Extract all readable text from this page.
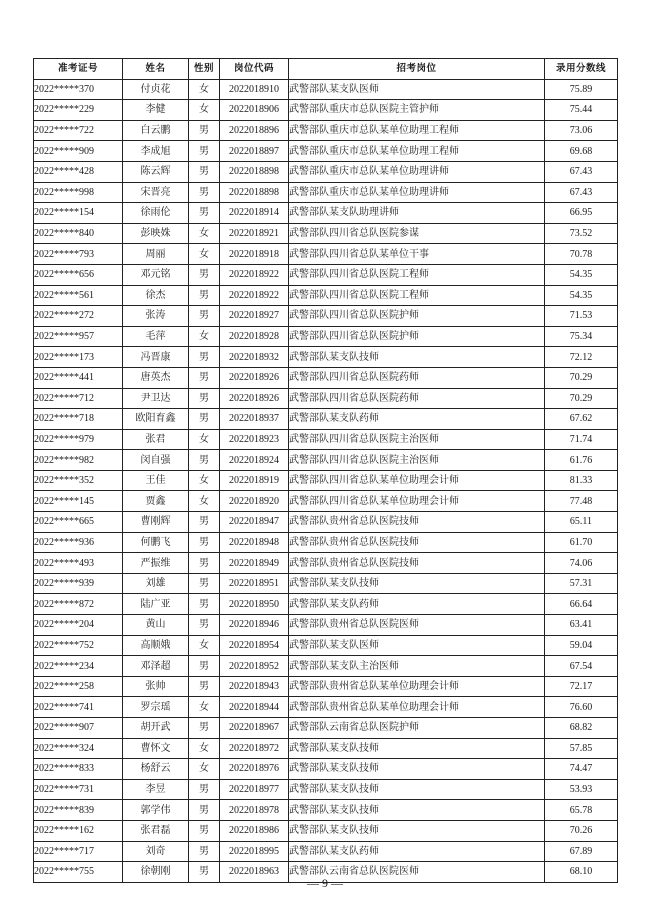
准考证号	姓名	性别	岗位代码	招考岗位	录用分数线
2022*****370	付贞花	女	2022018910	武警部队某支队医师	75.89
2022*****229	李健	女	2022018906	武警部队重庆市总队医院主管护师	75.44
2022*****722	白云鹏	男	2022018896	武警部队重庆市总队某单位助理工程师	73.06
2022*****909	李成旭	男	2022018897	武警部队重庆市总队某单位助理工程师	69.68
2022*****428	陈云辉	男	2022018898	武警部队重庆市总队某单位助理讲师	67.43
2022*****998	宋晋亮	男	2022018898	武警部队重庆市总队某单位助理讲师	67.43
2022*****154	徐雨伦	男	2022018914	武警部队某支队助理讲师	66.95
2022*****840	彭映姝	女	2022018921	武警部队四川省总队医院参谋	73.52
2022*****793	周丽	女	2022018918	武警部队四川省总队某单位干事	70.78
2022*****656	邓元铭	男	2022018922	武警部队四川省总队医院工程师	54.35
2022*****561	徐杰	男	2022018922	武警部队四川省总队医院工程师	54.35
2022*****272	张涛	男	2022018927	武警部队四川省总队医院护师	71.53
2022*****957	毛萍	女	2022018928	武警部队四川省总队医院护师	75.34
2022*****173	冯晋康	男	2022018932	武警部队某支队技师	72.12
2022*****441	唐英杰	男	2022018926	武警部队四川省总队医院药师	70.29
2022*****712	尹卫达	男	2022018926	武警部队四川省总队医院药师	70.29
2022*****718	欧阳育鑫	男	2022018937	武警部队某支队药师	67.62
2022*****979	张君	女	2022018923	武警部队四川省总队医院主治医师	71.74
2022*****982	闵自强	男	2022018924	武警部队四川省总队医院主治医师	61.76
2022*****352	王佳	女	2022018919	武警部队四川省总队某单位助理会计师	81.33
2022*****145	贾鑫	女	2022018920	武警部队四川省总队某单位助理会计师	77.48
2022*****665	曹刚辉	男	2022018947	武警部队贵州省总队医院技师	65.11
2022*****936	何鹏飞	男	2022018948	武警部队贵州省总队医院技师	61.70
2022*****493	严振维	男	2022018949	武警部队贵州省总队医院技师	74.06
2022*****939	刘雄	男	2022018951	武警部队某支队技师	57.31
2022*****872	陆广亚	男	2022018950	武警部队某支队药师	66.64
2022*****204	黄山	男	2022018946	武警部队贵州省总队医院医师	63.41
2022*****752	高顺娥	女	2022018954	武警部队某支队医师	59.04
2022*****234	邓泽超	男	2022018952	武警部队某支队主治医师	67.54
2022*****258	张帅	男	2022018943	武警部队贵州省总队某单位助理会计师	72.17
2022*****741	罗宗瑶	女	2022018944	武警部队贵州省总队某单位助理会计师	76.60
2022*****907	胡开武	男	2022018967	武警部队云南省总队医院护师	68.82
2022*****324	曹怀文	女	2022018972	武警部队某支队技师	57.85
2022*****833	杨舒云	女	2022018976	武警部队某支队技师	74.47
2022*****731	李昱	男	2022018977	武警部队某支队技师	53.93
2022*****839	郭学伟	男	2022018978	武警部队某支队技师	65.78
2022*****162	张君磊	男	2022018986	武警部队某支队技师	70.26
2022*****717	刘奇	男	2022018995	武警部队某支队药师	67.89
2022*****755	徐朝刚	男	2022018963	武警部队云南省总队医院医师	68.10
— 9 —
